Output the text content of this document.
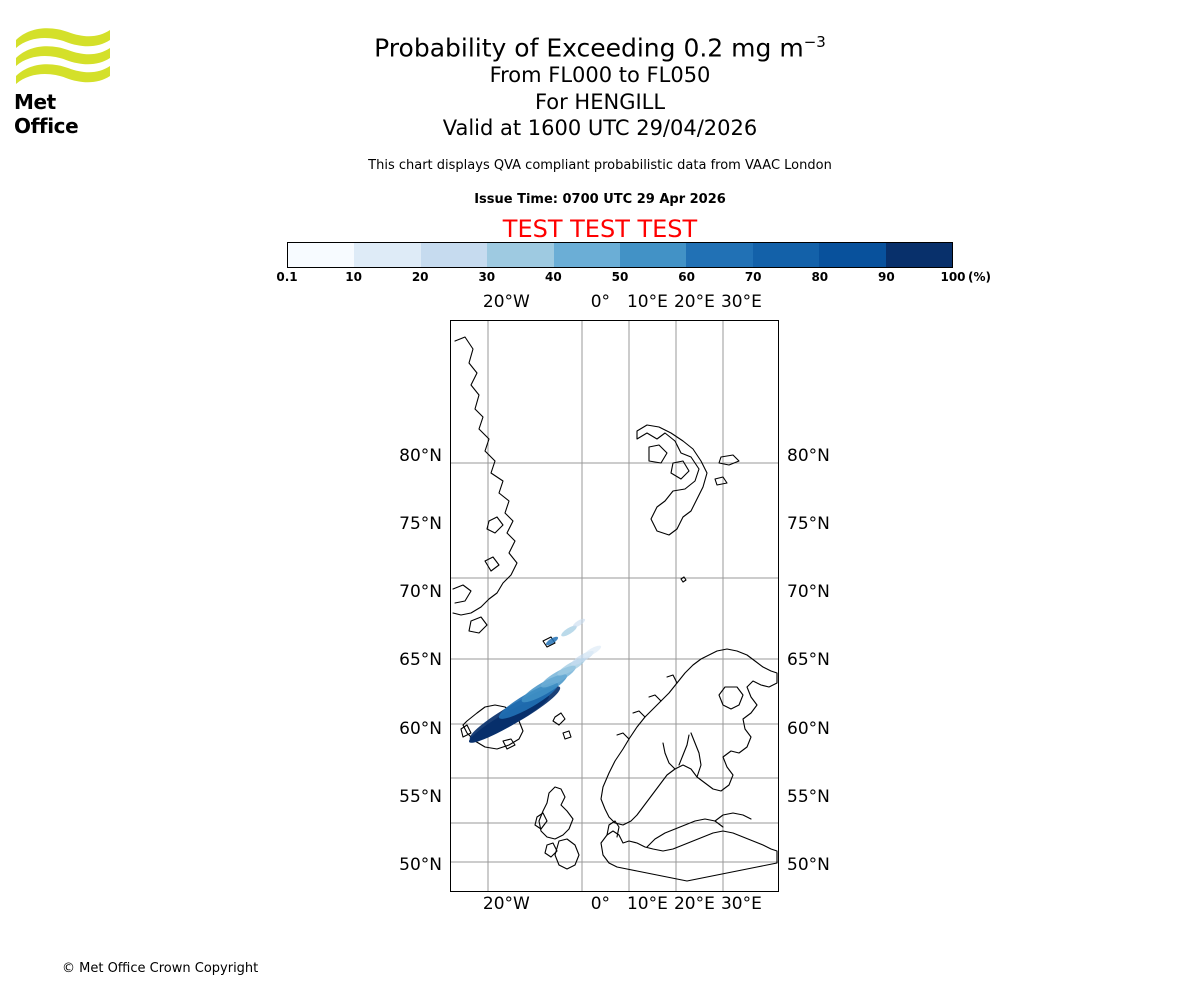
Met Office
Probability of Exceeding 0.2 mg $m^{-3}$
From FL000 to FL050
For HENGILL
Valid at 1600 UTC 29/04/2026
This chart displays QVA compliant probabilistic data from VAAC London
Issue Time: 0700 UTC 29 Apr 2026
TEST TEST TEST
0.1	10	20	30	40	50	60	70	80	90	100 (%)
20°W	0° 10°E 20°E 30°E
20°W	0° 10°E 20°E 30°E
80°N
75°N
70°N
65°N
60°N
55°N
50°N
80°N
75°N
70°N
65°N
60°N
55°N
50°N
© Met Office Crown Copyright
